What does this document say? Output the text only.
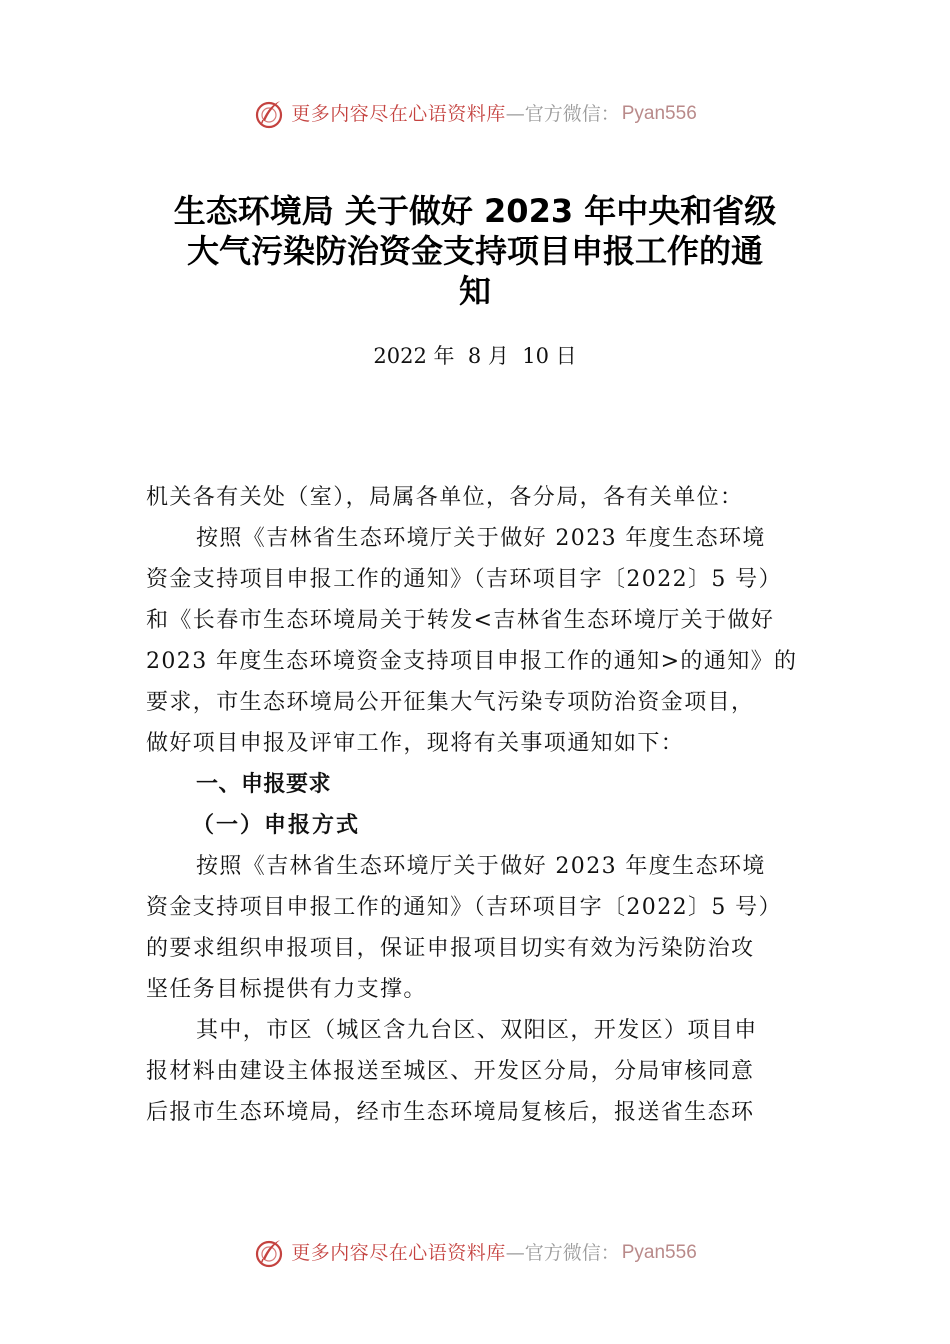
更多内容尽在心语资料库 —官方微信： Pyan556
生态环境局 关于做好 2023 年中央和省级
大气污染防治资金支持项目申报工作的通
知
2022 年  8 月  10 日
机关各有关处（室），局属各单位，各分局，各有关单位：
按照《吉林省生态环境厅关于做好 2023 年度生态环境
资金支持项目申报工作的通知》（吉环项目字〔2022〕5 号）
和《长春市生态环境局关于转发<吉林省生态环境厅关于做好
2023 年度生态环境资金支持项目申报工作的通知>的通知》的
要求，市生态环境局公开征集大气污染专项防治资金项目，
做好项目申报及评审工作，现将有关事项通知如下：
一、申报要求
（一）申报方式
按照《吉林省生态环境厅关于做好 2023 年度生态环境
资金支持项目申报工作的通知》（吉环项目字〔2022〕5 号）
的要求组织申报项目，保证申报项目切实有效为污染防治攻
坚任务目标提供有力支撑。
其中，市区（城区含九台区、双阳区，开发区）项目申
报材料由建设主体报送至城区、开发区分局，分局审核同意
后报市生态环境局，经市生态环境局复核后，报送省生态环
更多内容尽在心语资料库 —官方微信： Pyan556
